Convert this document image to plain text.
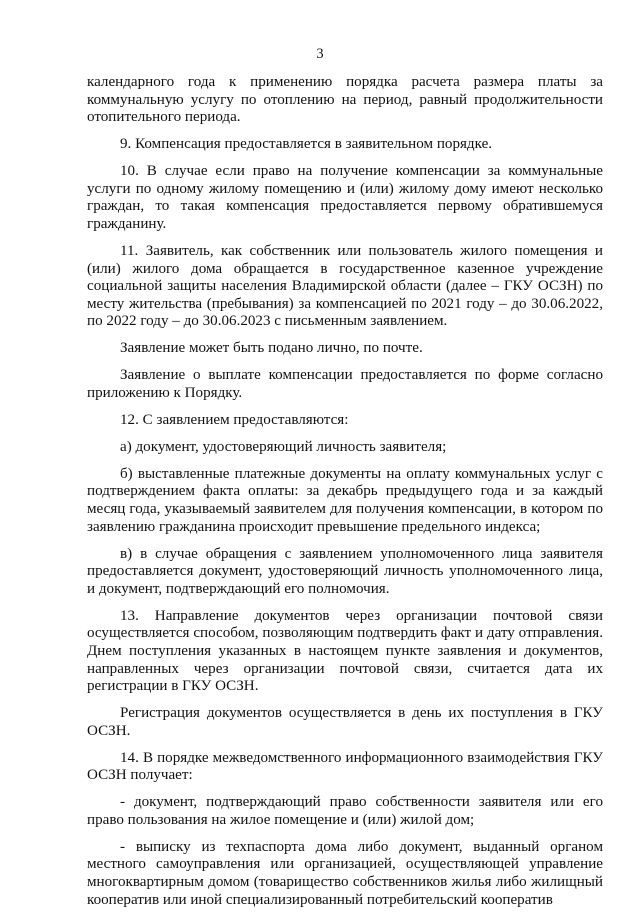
3

календарного года к применению порядка расчета размера платы за коммунальную услугу по отоплению на период, равный продолжительности отопительного периода.

9. Компенсация предоставляется в заявительном порядке.

10. В случае если право на получение компенсации за коммунальные услуги по одному жилому помещению и (или) жилому дому имеют несколько граждан, то такая компенсация предоставляется первому обратившемуся гражданину.

11. Заявитель, как собственник или пользователь жилого помещения и (или) жилого дома обращается в государственное казенное учреждение социальной защиты населения Владимирской области (далее – ГКУ ОСЗН) по месту жительства (пребывания) за компенсацией по 2021 году – до 30.06.2022, по 2022 году – до 30.06.2023 с письменным заявлением.

Заявление может быть подано лично, по почте.

Заявление о выплате компенсации предоставляется по форме согласно приложению к Порядку.

12. С заявлением предоставляются:

а) документ, удостоверяющий личность заявителя;

б) выставленные платежные документы на оплату коммунальных услуг с подтверждением факта оплаты: за декабрь предыдущего года и за каждый месяц года, указываемый заявителем для получения компенсации, в котором по заявлению гражданина происходит превышение предельного индекса;

в) в случае обращения с заявлением уполномоченного лица заявителя предоставляется документ, удостоверяющий личность уполномоченного лица, и документ, подтверждающий его полномочия.

13. Направление документов через организации почтовой связи осуществляется способом, позволяющим подтвердить факт и дату отправления. Днем поступления указанных в настоящем пункте заявления и документов, направленных через организации почтовой связи, считается дата их регистрации в ГКУ ОСЗН.

Регистрация документов осуществляется в день их поступления в ГКУ ОСЗН.

14. В порядке межведомственного информационного взаимодействия ГКУ ОСЗН получает:

- документ, подтверждающий право собственности заявителя или его право пользования на жилое помещение и (или) жилой дом;

- выписку из техпаспорта дома либо документ, выданный органом местного самоуправления или организацией, осуществляющей управление многоквартирным домом (товарищество собственников жилья либо жилищный кооператив или иной специализированный потребительский кооператив
